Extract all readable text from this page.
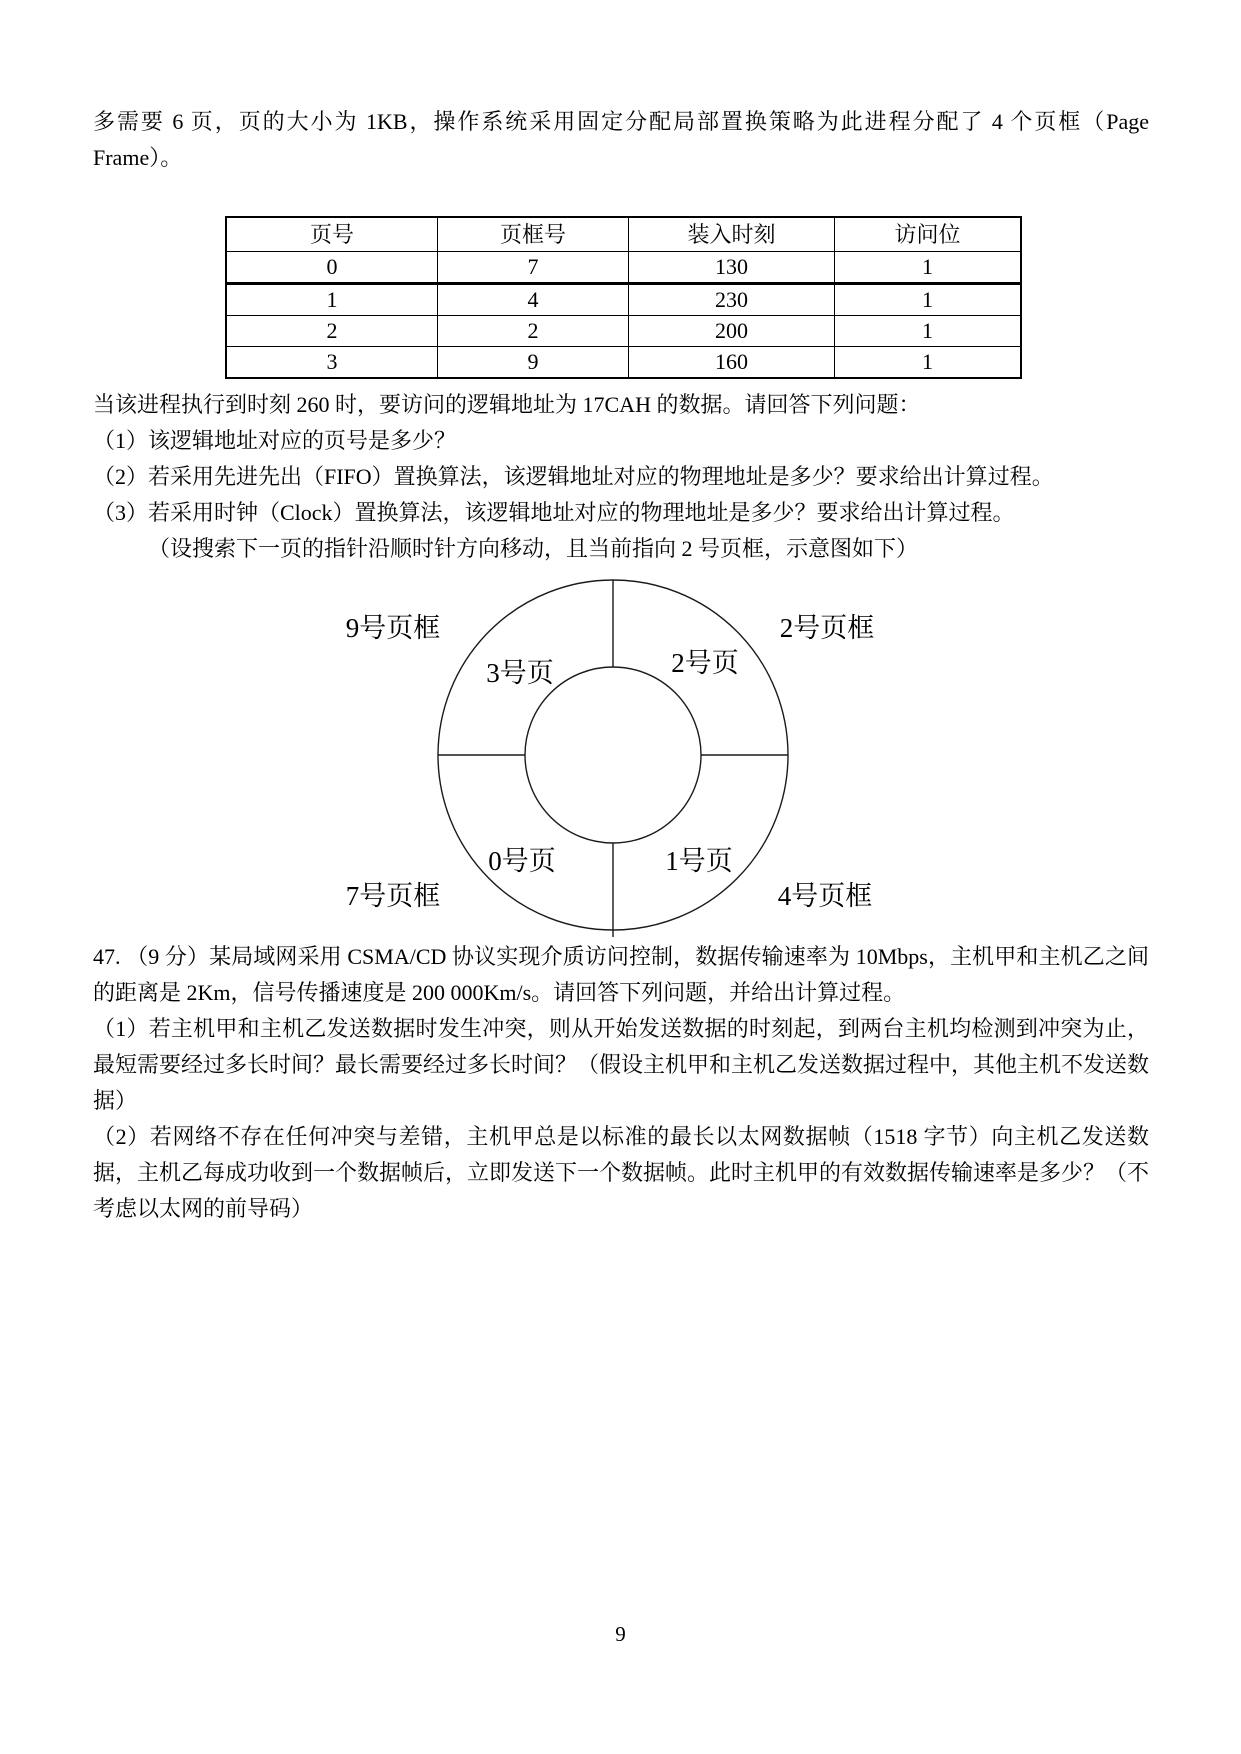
多需要 6 页，页的大小为 1KB，操作系统采用固定分配局部置换策略为此进程分配了 4 个页框（Page Frame）。

页号	页框号	装入时刻	访问位
0	7	130	1
1	4	230	1
2	2	200	1
3	9	160	1

当该进程执行到时刻 260 时，要访问的逻辑地址为 17CAH 的数据。请回答下列问题：

（1）该逻辑地址对应的页号是多少？

（2）若采用先进先出（FIFO）置换算法，该逻辑地址对应的物理地址是多少？要求给出计算过程。

（3）若采用时钟（Clock）置换算法，该逻辑地址对应的物理地址是多少？要求给出计算过程。

（设搜索下一页的指针沿顺时针方向移动，且当前指向 2 号页框，示意图如下）

9号页框	2号页框
7号页框	4号页框
3号页	2号页
0号页	1号页

47. （9 分）某局域网采用 CSMA/CD 协议实现介质访问控制，数据传输速率为 10Mbps，主机甲和主机乙之间的距离是 2Km，信号传播速度是 200 000Km/s。请回答下列问题，并给出计算过程。

（1）若主机甲和主机乙发送数据时发生冲突，则从开始发送数据的时刻起，到两台主机均检测到冲突为止，最短需要经过多长时间？最长需要经过多长时间？（假设主机甲和主机乙发送数据过程中，其他主机不发送数据）

（2）若网络不存在任何冲突与差错，主机甲总是以标准的最长以太网数据帧（1518 字节）向主机乙发送数据，主机乙每成功收到一个数据帧后，立即发送下一个数据帧。此时主机甲的有效数据传输速率是多少？（不考虑以太网的前导码）

9
